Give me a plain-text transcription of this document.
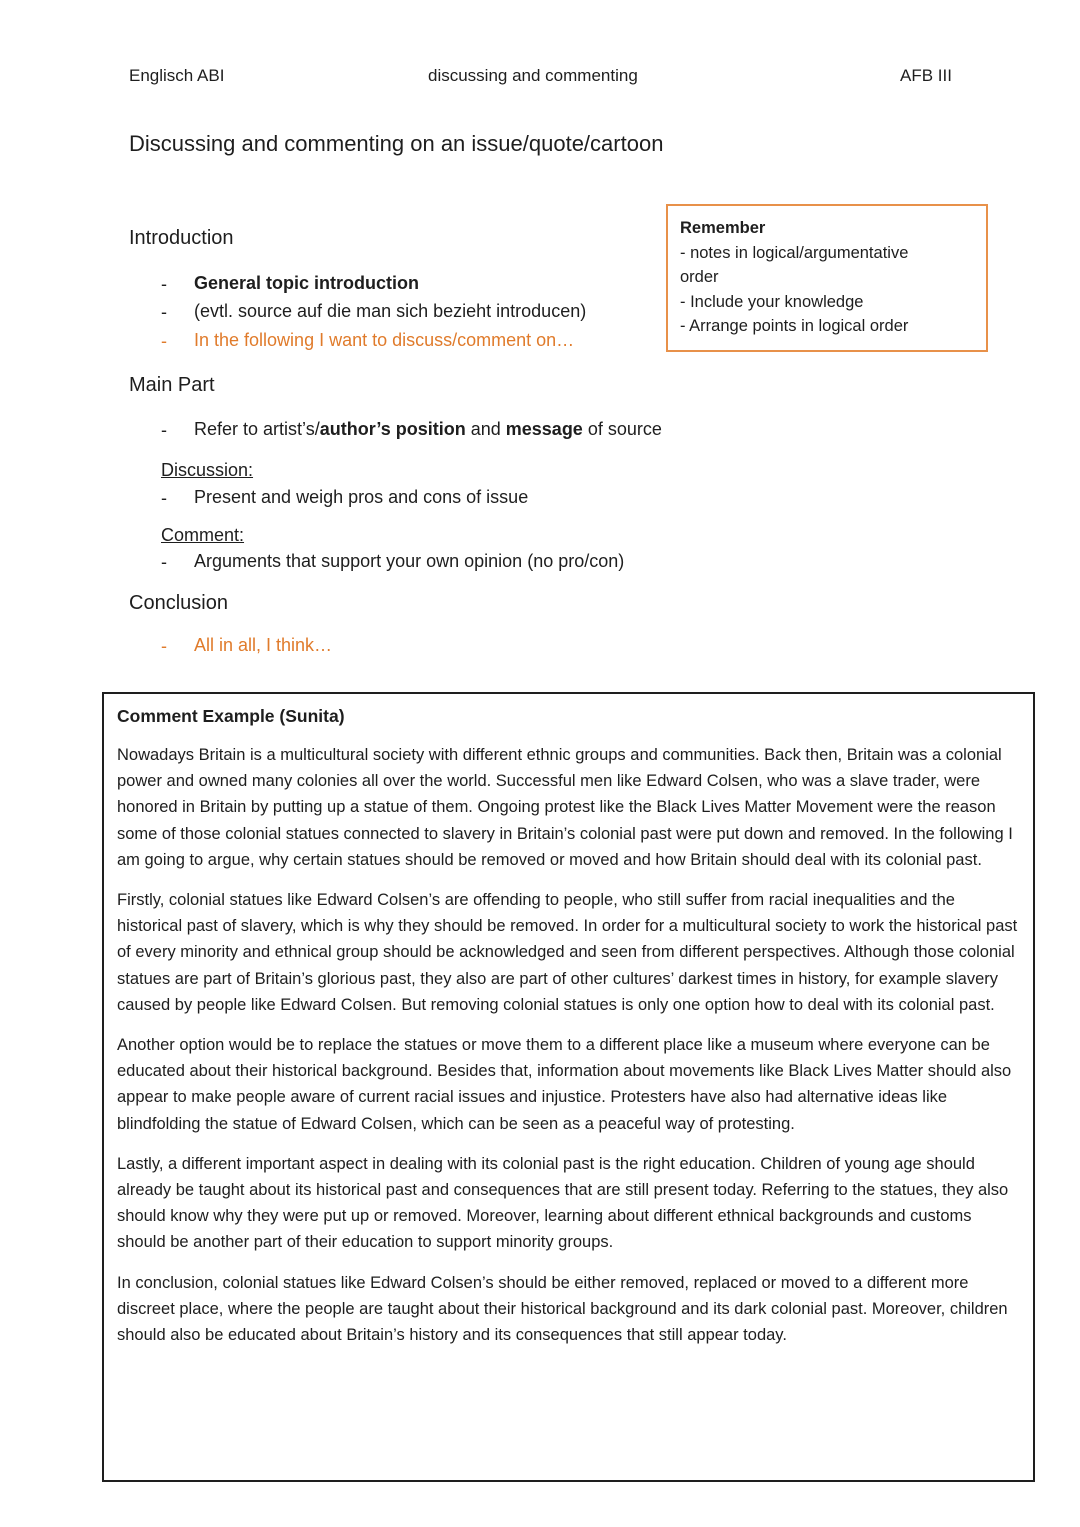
Englisch ABI	discussing and commenting	AFB III
Discussing and commenting on an issue/quote/cartoon
Introduction
- General topic introduction
- (evtl. source auf die man sich bezieht introducen)
- In the following I want to discuss/comment on…
Remember
- notes in logical/argumentative
order
- Include your knowledge
- Arrange points in logical order
Main Part
- Refer to artist’s/author’s position and message of source
Discussion:
- Present and weigh pros and cons of issue
Comment:
- Arguments that support your own opinion (no pro/con)
Conclusion
- All in all, I think…
Comment Example (Sunita)

Nowadays Britain is a multicultural society with different ethnic groups and communities. Back then, Britain was a colonial power and owned many colonies all over the world. Successful men like Edward Colsen, who was a slave trader, were honored in Britain by putting up a statue of them. Ongoing protest like the Black Lives Matter Movement were the reason some of those colonial statues connected to slavery in Britain’s colonial past were put down and removed. In the following I am going to argue, why certain statues should be removed or moved and how Britain should deal with its colonial past.

Firstly, colonial statues like Edward Colsen’s are offending to people, who still suffer from racial inequalities and the historical past of slavery, which is why they should be removed. In order for a multicultural society to work the historical past of every minority and ethnical group should be acknowledged and seen from different perspectives. Although those colonial statues are part of Britain’s glorious past, they also are part of other cultures’ darkest times in history, for example slavery caused by people like Edward Colsen. But removing colonial statues is only one option how to deal with its colonial past.

Another option would be to replace the statues or move them to a different place like a museum where everyone can be educated about their historical background. Besides that, information about movements like Black Lives Matter should also appear to make people aware of current racial issues and injustice. Protesters have also had alternative ideas like blindfolding the statue of Edward Colsen, which can be seen as a peaceful way of protesting.

Lastly, a different important aspect in dealing with its colonial past is the right education. Children of young age should already be taught about its historical past and consequences that are still present today. Referring to the statues, they also should know why they were put up or removed. Moreover, learning about different ethnical backgrounds and customs should be another part of their education to support minority groups.

In conclusion, colonial statues like Edward Colsen’s should be either removed, replaced or moved to a different more discreet place, where the people are taught about their historical background and its dark colonial past. Moreover, children should also be educated about Britain’s history and its consequences that still appear today.
